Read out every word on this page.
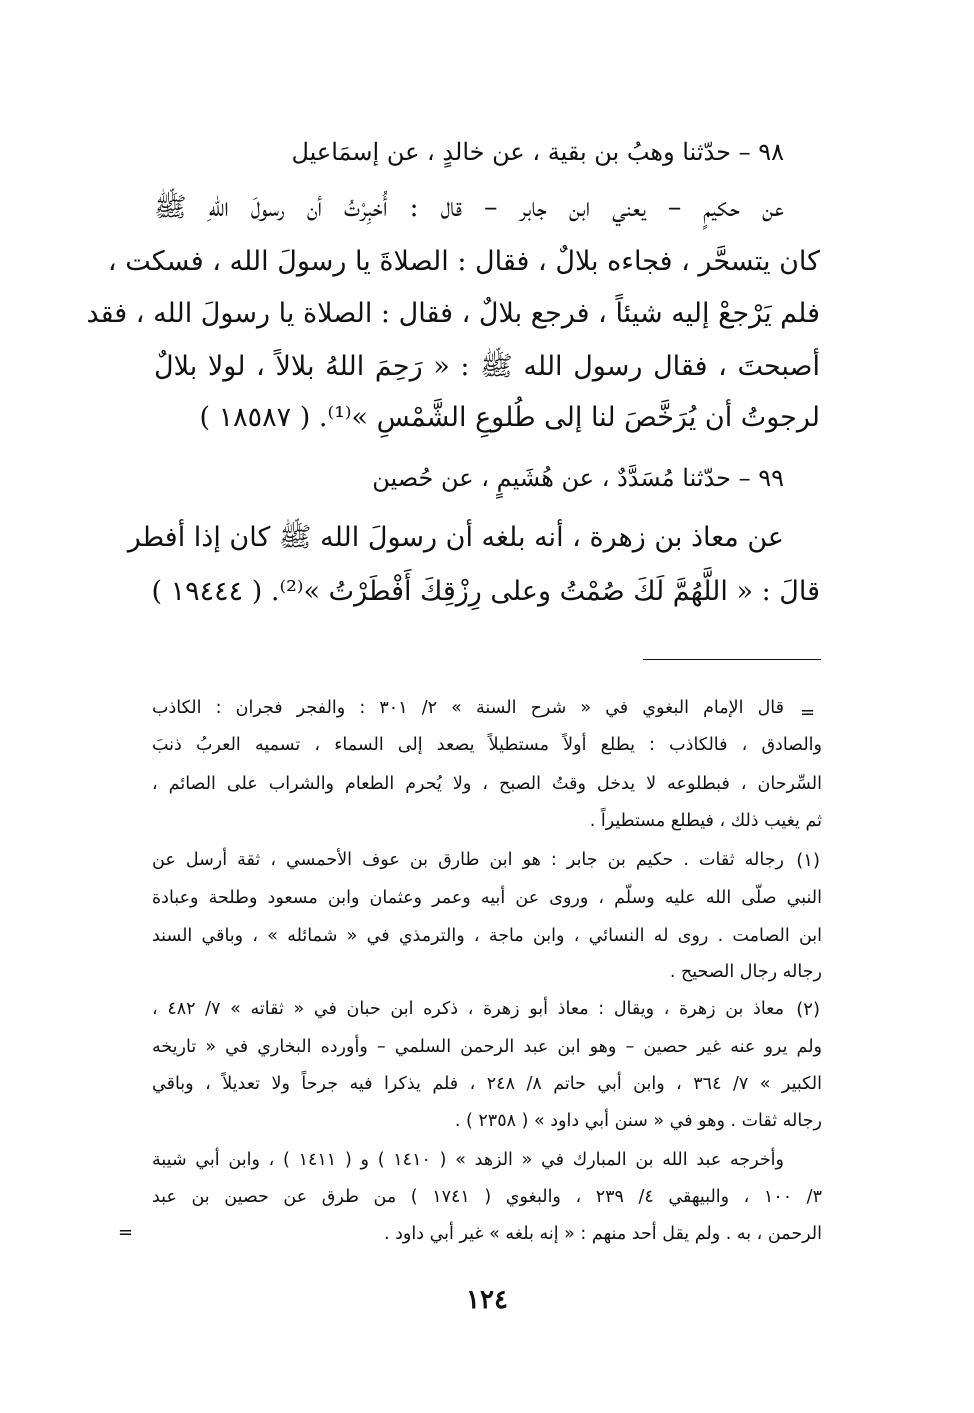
٩٨ – حدّثنا وهبُ بن بقية ، عن خالدٍ ، عن إسمَاعيل
عن حكيمٍ – يعني ابن جابر – قال : أُخبِرْتُ أن رسولَ اللهِ ﷺ
كان يتسحَّر ، فجاءه بلالٌ ، فقال : الصلاةَ يا رسولَ الله ، فسكت ،
فلم يَرْجعْ إليه شيئاً ، فرجع بلالٌ ، فقال : الصلاة يا رسولَ الله ، فقد
أصبحتَ ، فقال رسول الله ﷺ : « رَحِمَ اللهُ بلالاً ، لولا بلالٌ
لرجوتُ أن يُرَخَّصَ لنا إلى طُلوعِ الشَّمْسِ »⁽¹⁾. ( ١٨٥٨٧ )
٩٩ – حدّثنا مُسَدَّدٌ ، عن هُشَيمٍ ، عن حُصين
عن معاذ بن زهرة ، أنه بلغه أن رسولَ الله ﷺ كان إذا أفطر
قالَ : « اللَّهُمَّ لَكَ صُمْتُ وعلى رِزْقِكَ أَفْطَرْتُ »⁽²⁾. ( ١٩٤٤٤ )
=
قال الإمام البغوي في « شرح السنة » ٢/ ٣٠١ : والفجر فجران : الكاذب
والصادق ، فالكاذب : يطلع أولاً مستطيلاً يصعد إلى السماء ، تسميه العربُ ذنبَ
السِّرحان ، فبطلوعه لا يدخل وقتُ الصبح ، ولا يُحرم الطعام والشراب على الصائم ،
ثم يغيب ذلك ، فيطلع مستطيراً .
(١)
رجاله ثقات . حكيم بن جابر : هو ابن طارق بن عوف الأحمسي ، ثقة أرسل عن
النبي صلّى الله عليه وسلّم ، وروى عن أبيه وعمر وعثمان وابن مسعود وطلحة وعبادة
ابن الصامت . روى له النسائي ، وابن ماجة ، والترمذي في « شمائله » ، وباقي السند
رجاله رجال الصحيح .
(٢)
معاذ بن زهرة ، ويقال : معاذ أبو زهرة ، ذكره ابن حبان في « ثقاته » ٧/ ٤٨٢ ،
ولم يرو عنه غير حصين – وهو ابن عبد الرحمن السلمي – وأورده البخاري في « تاريخه
الكبير » ٧/ ٣٦٤ ، وابن أبي حاتم ٨/ ٢٤٨ ، فلم يذكرا فيه جرحاً ولا تعديلاً ، وباقي
رجاله ثقات . وهو في « سنن أبي داود » ( ٢٣٥٨ ) .
وأخرجه عبد الله بن المبارك في « الزهد » ( ١٤١٠ ) و ( ١٤١١ ) ، وابن أبي شيبة
٣/ ١٠٠ ، والبيهقي ٤/ ٢٣٩ ، والبغوي ( ١٧٤١ ) من طرق عن حصين بن عبد
الرحمن ، به . ولم يقل أحد منهم : « إنه بلغه » غير أبي داود .
=
١٢٤
